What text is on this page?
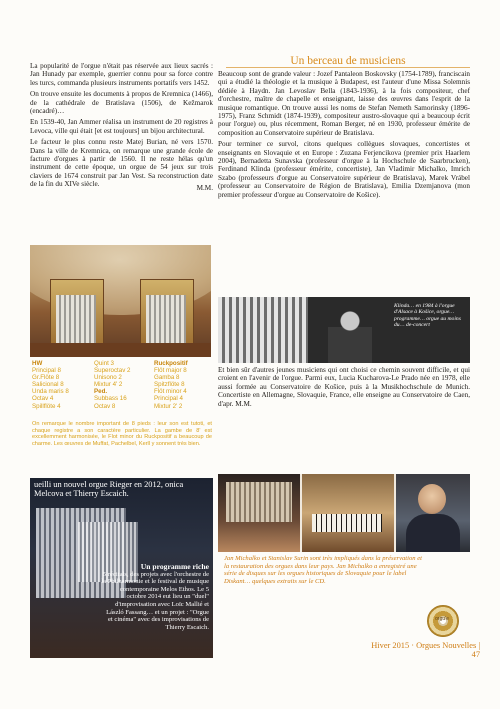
La popularité de l'orgue n'était pas réservée aux lieux sacrés : Jan Hunady par exemple, guerrier connu pour sa force contre les turcs, commanda plusieurs instruments portatifs vers 1452.

On trouve ensuite les documents à propos de Kremnica (1466), de la cathédrale de Bratislava (1506), de Kežmarok (encadré)…

En 1539-40, Jan Ammer réalisa un instrument de 20 registres à Levoca, ville qui était [et est toujours] un bijou architectural.

Le facteur le plus connu reste Matej Burian, né vers 1570. Dans la ville de Kremnica, on remarque une grande école de facture d'orgues à partir de 1560. Il ne reste hélas qu'un instrument de cette époque, un orgue de 54 jeux sur trois claviers de 1674 construit par Jan Vest. Sa reconstruction date de la fin du XIVe siècle.	M.M.
HW
Principal 8
Gr.Flöte 8
Salicional 8
Unda maris 8
Octav 4
Spillflöte 4
Quint 3
Superoctav 2
Unisono 2
Mixtur 4' 2
Ped.
Subbass 16
Octav 8
Ruckpositif
Flöt major 8
Gamba 8
Spitzflöte 8
Flöt minor 4
Principal 4
Mixtur 2' 2
On remarque le nombre important de 8 pieds : leur son est tutoti, et chaque registre a son caractère particulier. La gambe de 8' est excellemment harmonisée, le Flot minor du Ruckpositif a beaucoup de charme. Les œuvres de Muffat, Pachelbel, Kerll y sonnent très bien.
ueilli un nouvel orgue Rieger en 2012, onica Melcova et Thierry Escaich.
Un programme riche
5 récitals, des projets avec l'orchestre de la Philharmonie et le festival de musique contemporaine Melos Ethos. Le 5 octobre 2014 eut lieu un "duel" d'improvisation avec Loïc Mallié et László Fassang… et un projet : "Orgue et cinéma" avec des improvisations de Thierry Escaich.
Un berceau de musiciens

Beaucoup sont de grande valeur : Jozef Pantaleon Boskovsky (1754-1789), franciscain qui a étudié la théologie et la musique à Budapest, est l'auteur d'une Missa Solemnis dédiée à Haydn. Jan Levoslav Bella (1843-1936), à la fois compositeur, chef d'orchestre, maître de chapelle et enseignant, laisse des œuvres dans l'esprit de la musique romantique. On trouve aussi les noms de Stefan Nemeth Samorinsky (1896-1975), Franz Schmidt (1874-1939), compositeur austro-slovaque qui a beaucoup écrit pour l'orgue) ou, plus récemment, Roman Berger, né en 1930, professeur émérite de composition au Conservatoire supérieur de Bratislava.

Pour terminer ce survol, citons quelques collègues slovaques, concertistes et enseignants en Slovaquie et en Europe : Zuzana Ferjencikova (premier prix Haarlem 2004), Bernadetta Sunavska (professeur d'orgue à la Hochschule de Saarbrucken), Ferdinand Klinda (professeur émérite, concertiste), Jan Vladimir Michalko, Imrich Szabo (professeurs d'orgue au Conservatoire supérieur de Bratislava), Marek Vrábel (professeur au Conservatoire de Région de Bratislava), Emilia Dzemjanova (mon premier professeur d'orgue au Conservatoire de Košice).

Klinda… en 1984 à l'orgue d'Alsace à Košice, orgue… programme… orgue au moins du… de-concert

Et bien sûr d'autres jeunes musiciens qui ont choisi ce chemin souvent difficile, et qui croient en l'avenir de l'orgue. Parmi eux, Lucia Kucharova-Le Prado née en 1978, elle aussi formée au Conservatoire de Košice, puis à la Musikhochschule de Munich. Concertiste en Allemagne, Slovaquie, France, elle enseigne au Conservatoire de Caen, d'apr. M.M.

Jan Michalko et Stanislav Surin sont très impliqués dans la préservation et la restauration des orgues dans leur pays. Jan Michalko a enregistré une série de disques sur les orgues historiques de Slovaquie pour le label Diskant… quelques extraits sur le CD.
orgu'e
Hiver 2015 · Orgues Nouvelles | 47
